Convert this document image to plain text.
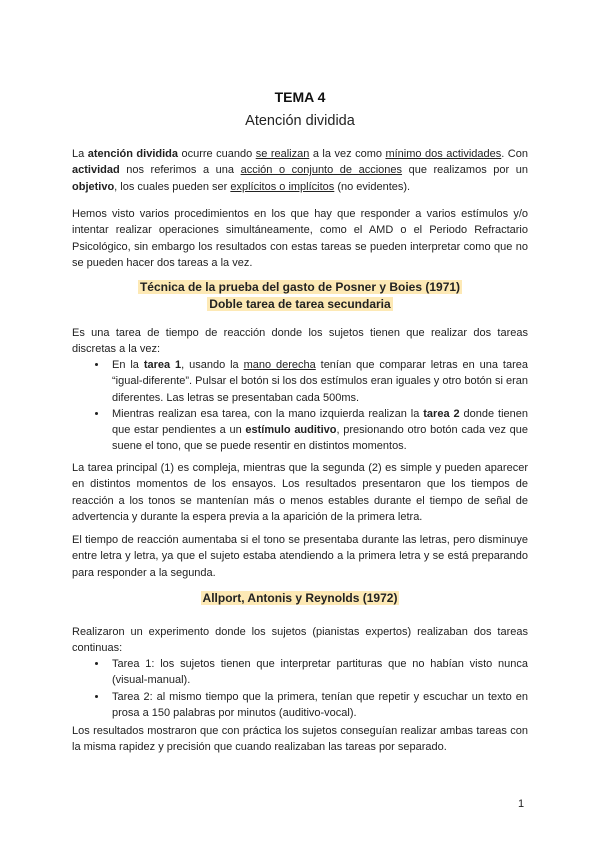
TEMA 4

Atención dividida

La atención dividida ocurre cuando se realizan a la vez como mínimo dos actividades. Con actividad nos referimos a una acción o conjunto de acciones que realizamos por un objetivo, los cuales pueden ser explícitos o implícitos (no evidentes).

Hemos visto varios procedimientos en los que hay que responder a varios estímulos y/o intentar realizar operaciones simultáneamente, como el AMD o el Periodo Refractario Psicológico, sin embargo los resultados con estas tareas se pueden interpretar como que no se pueden hacer dos tareas a la vez.

Técnica de la prueba del gasto de Posner y Boies (1971)
Doble tarea de tarea secundaria

Es una tarea de tiempo de reacción donde los sujetos tienen que realizar dos tareas discretas a la vez:

• En la tarea 1, usando la mano derecha tenían que comparar letras en una tarea “igual-diferente”. Pulsar el botón si los dos estímulos eran iguales y otro botón si eran diferentes. Las letras se presentaban cada 500ms.
• Mientras realizan esa tarea, con la mano izquierda realizan la tarea 2 donde tienen que estar pendientes a un estímulo auditivo, presionando otro botón cada vez que suene el tono, que se puede resentir en distintos momentos.

La tarea principal (1) es compleja, mientras que la segunda (2) es simple y pueden aparecer en distintos momentos de los ensayos. Los resultados presentaron que los tiempos de reacción a los tonos se mantenían más o menos estables durante el tiempo de señal de advertencia y durante la espera previa a la aparición de la primera letra.

El tiempo de reacción aumentaba si el tono se presentaba durante las letras, pero disminuye entre letra y letra, ya que el sujeto estaba atendiendo a la primera letra y se está preparando para responder a la segunda.

Allport, Antonis y Reynolds (1972)

Realizaron un experimento donde los sujetos (pianistas expertos) realizaban dos tareas continuas:

• Tarea 1: los sujetos tienen que interpretar partituras que no habían visto nunca (visual-manual).
• Tarea 2: al mismo tiempo que la primera, tenían que repetir y escuchar un texto en prosa a 150 palabras por minutos (auditivo-vocal).

Los resultados mostraron que con práctica los sujetos conseguían realizar ambas tareas con la misma rapidez y precisión que cuando realizaban las tareas por separado.

1
